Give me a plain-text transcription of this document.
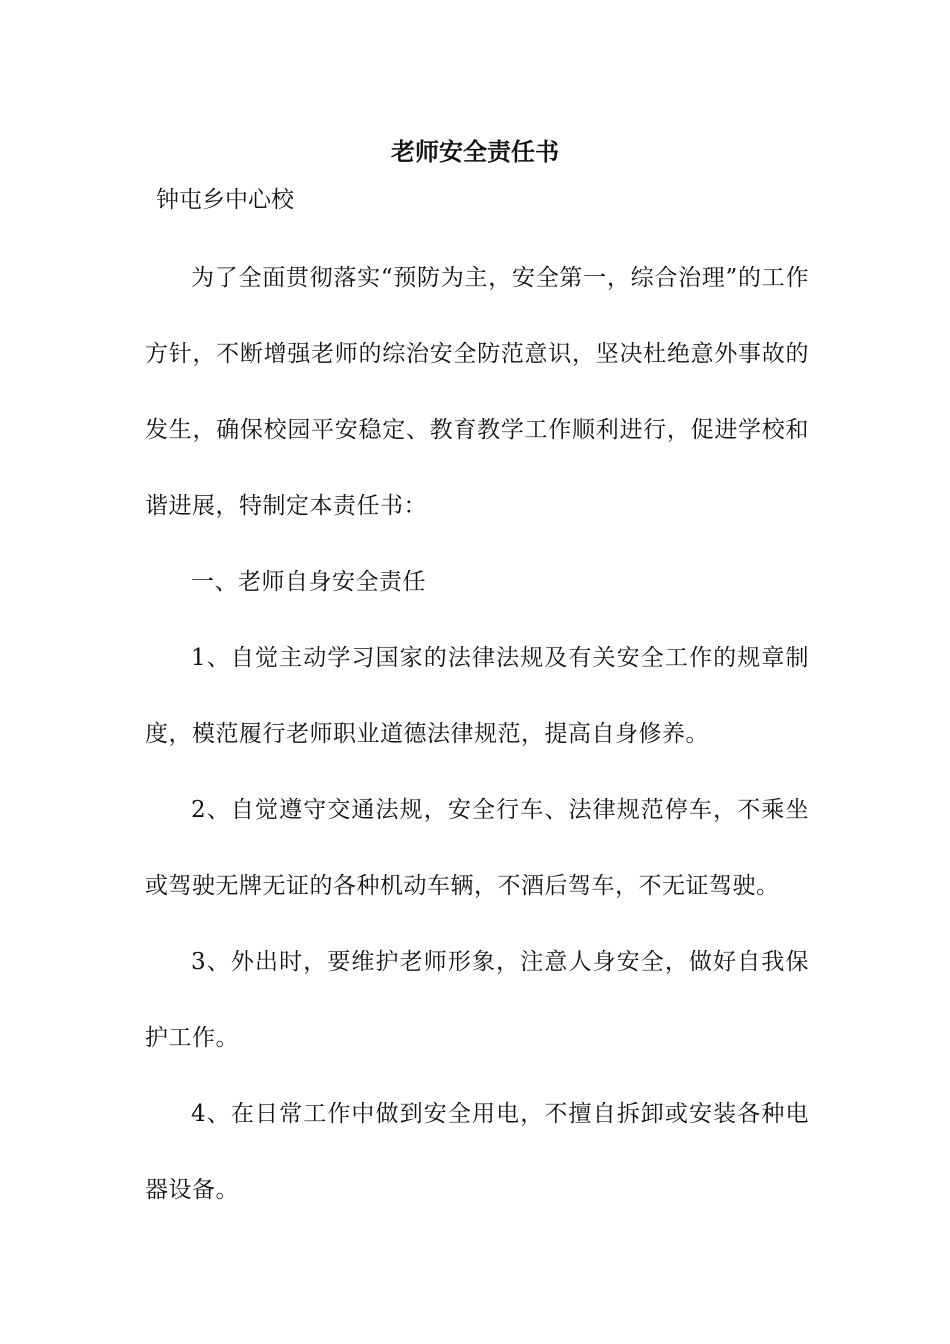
老师安全责任书
钟屯乡中心校

为了全面贯彻落实“预防为主，安全第一，综合治理”的工作方针，不断增强老师的综治安全防范意识，坚决杜绝意外事故的发生，确保校园平安稳定、教育教学工作顺利进行，促进学校和谐进展，特制定本责任书：

一、老师自身安全责任

1、自觉主动学习国家的法律法规及有关安全工作的规章制度，模范履行老师职业道德法律规范，提高自身修养。

2、自觉遵守交通法规，安全行车、法律规范停车，不乘坐或驾驶无牌无证的各种机动车辆，不酒后驾车，不无证驾驶。

3、外出时，要维护老师形象，注意人身安全，做好自我保护工作。

4、在日常工作中做到安全用电，不擅自拆卸或安装各种电器设备。
